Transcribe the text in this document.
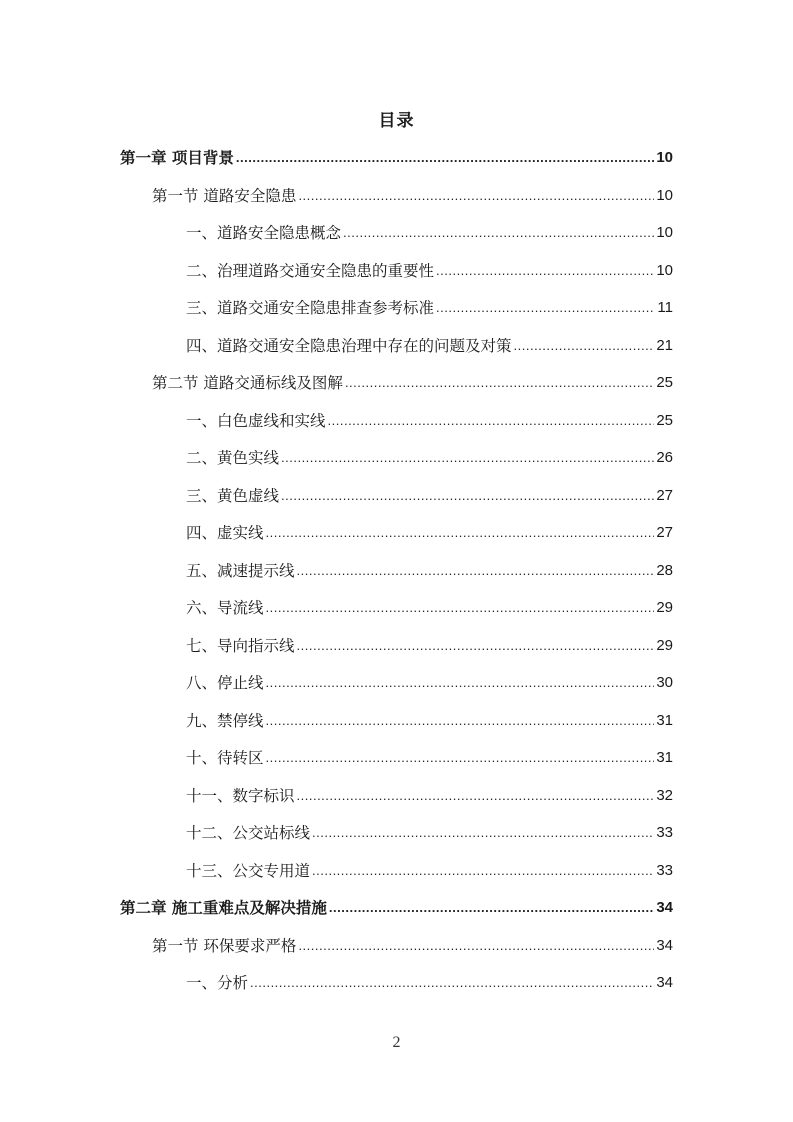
目录
第一章 项目背景 .....	10
第一节 道路安全隐患 .....	10
一、道路安全隐患概念 .....	10
二、治理道路交通安全隐患的重要性 .....	10
三、道路交通安全隐患排查参考标准 .....	11
四、道路交通安全隐患治理中存在的问题及对策 .....	21
第二节 道路交通标线及图解 .....	25
一、白色虚线和实线 .....	25
二、黄色实线 .....	26
三、黄色虚线 .....	27
四、虚实线 .....	27
五、减速提示线 .....	28
六、导流线 .....	29
七、导向指示线 .....	29
八、停止线 .....	30
九、禁停线 .....	31
十、待转区 .....	31
十一、数字标识 .....	32
十二、公交站标线 .....	33
十三、公交专用道 .....	33
第二章 施工重难点及解决措施 .....	34
第一节 环保要求严格 .....	34
一、分析 .....	34
2
